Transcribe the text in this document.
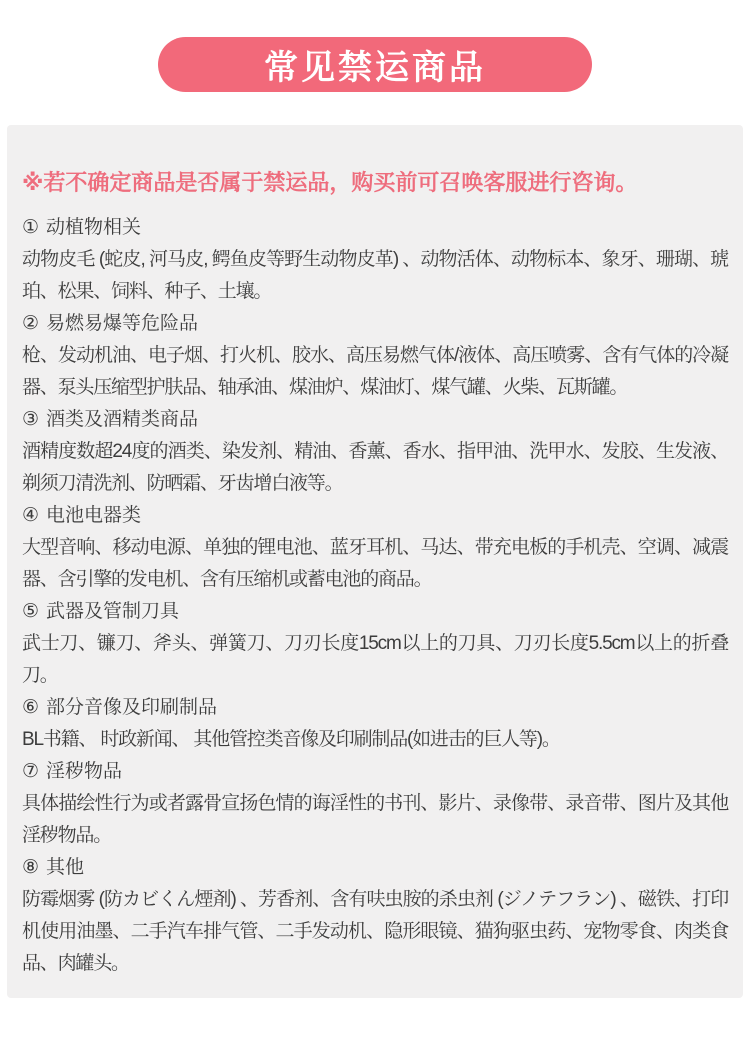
常见禁运商品

※若不确定商品是否属于禁运品，购买前可召唤客服进行咨询。

① 动植物相关

动物皮毛 (蛇皮, 河马皮, 鳄鱼皮等野生动物皮革) 、动物活体、动物标本、象牙、珊瑚、琥珀、松果、饲料、种子、土壤。

② 易燃易爆等危险品

枪、发动机油、电子烟、打火机、胶水、高压易燃气体/液体、高压喷雾、含有气体的冷凝器、泵头压缩型护肤品、轴承油、煤油炉、煤油灯、煤气罐、火柴、瓦斯罐。

③ 酒类及酒精类商品

酒精度数超24度的酒类、染发剂、精油、香薰、香水、指甲油、洗甲水、发胶、生发液、剃须刀清洗剂、防晒霜、牙齿增白液等。

④ 电池电器类

大型音响、移动电源、单独的锂电池、蓝牙耳机、马达、带充电板的手机壳、空调、减震器、含引擎的发电机、含有压缩机或蓄电池的商品。

⑤ 武器及管制刀具

武士刀、镰刀、斧头、弹簧刀、刀刃长度15cm以上的刀具、刀刃长度5.5cm以上的折叠刀。

⑥ 部分音像及印刷制品

BL书籍、 时政新闻、 其他管控类音像及印刷制品(如进击的巨人等)。

⑦ 淫秽物品

具体描绘性行为或者露骨宣扬色情的诲淫性的书刊、影片、录像带、录音带、图片及其他淫秽物品。

⑧ 其他

防霉烟雾 (防カビくん煙剤) 、芳香剂、含有呋虫胺的杀虫剂 (ジノテフラン) 、磁铁、打印机使用油墨、二手汽车排气管、二手发动机、隐形眼镜、猫狗驱虫药、宠物零食、肉类食品、肉罐头。
